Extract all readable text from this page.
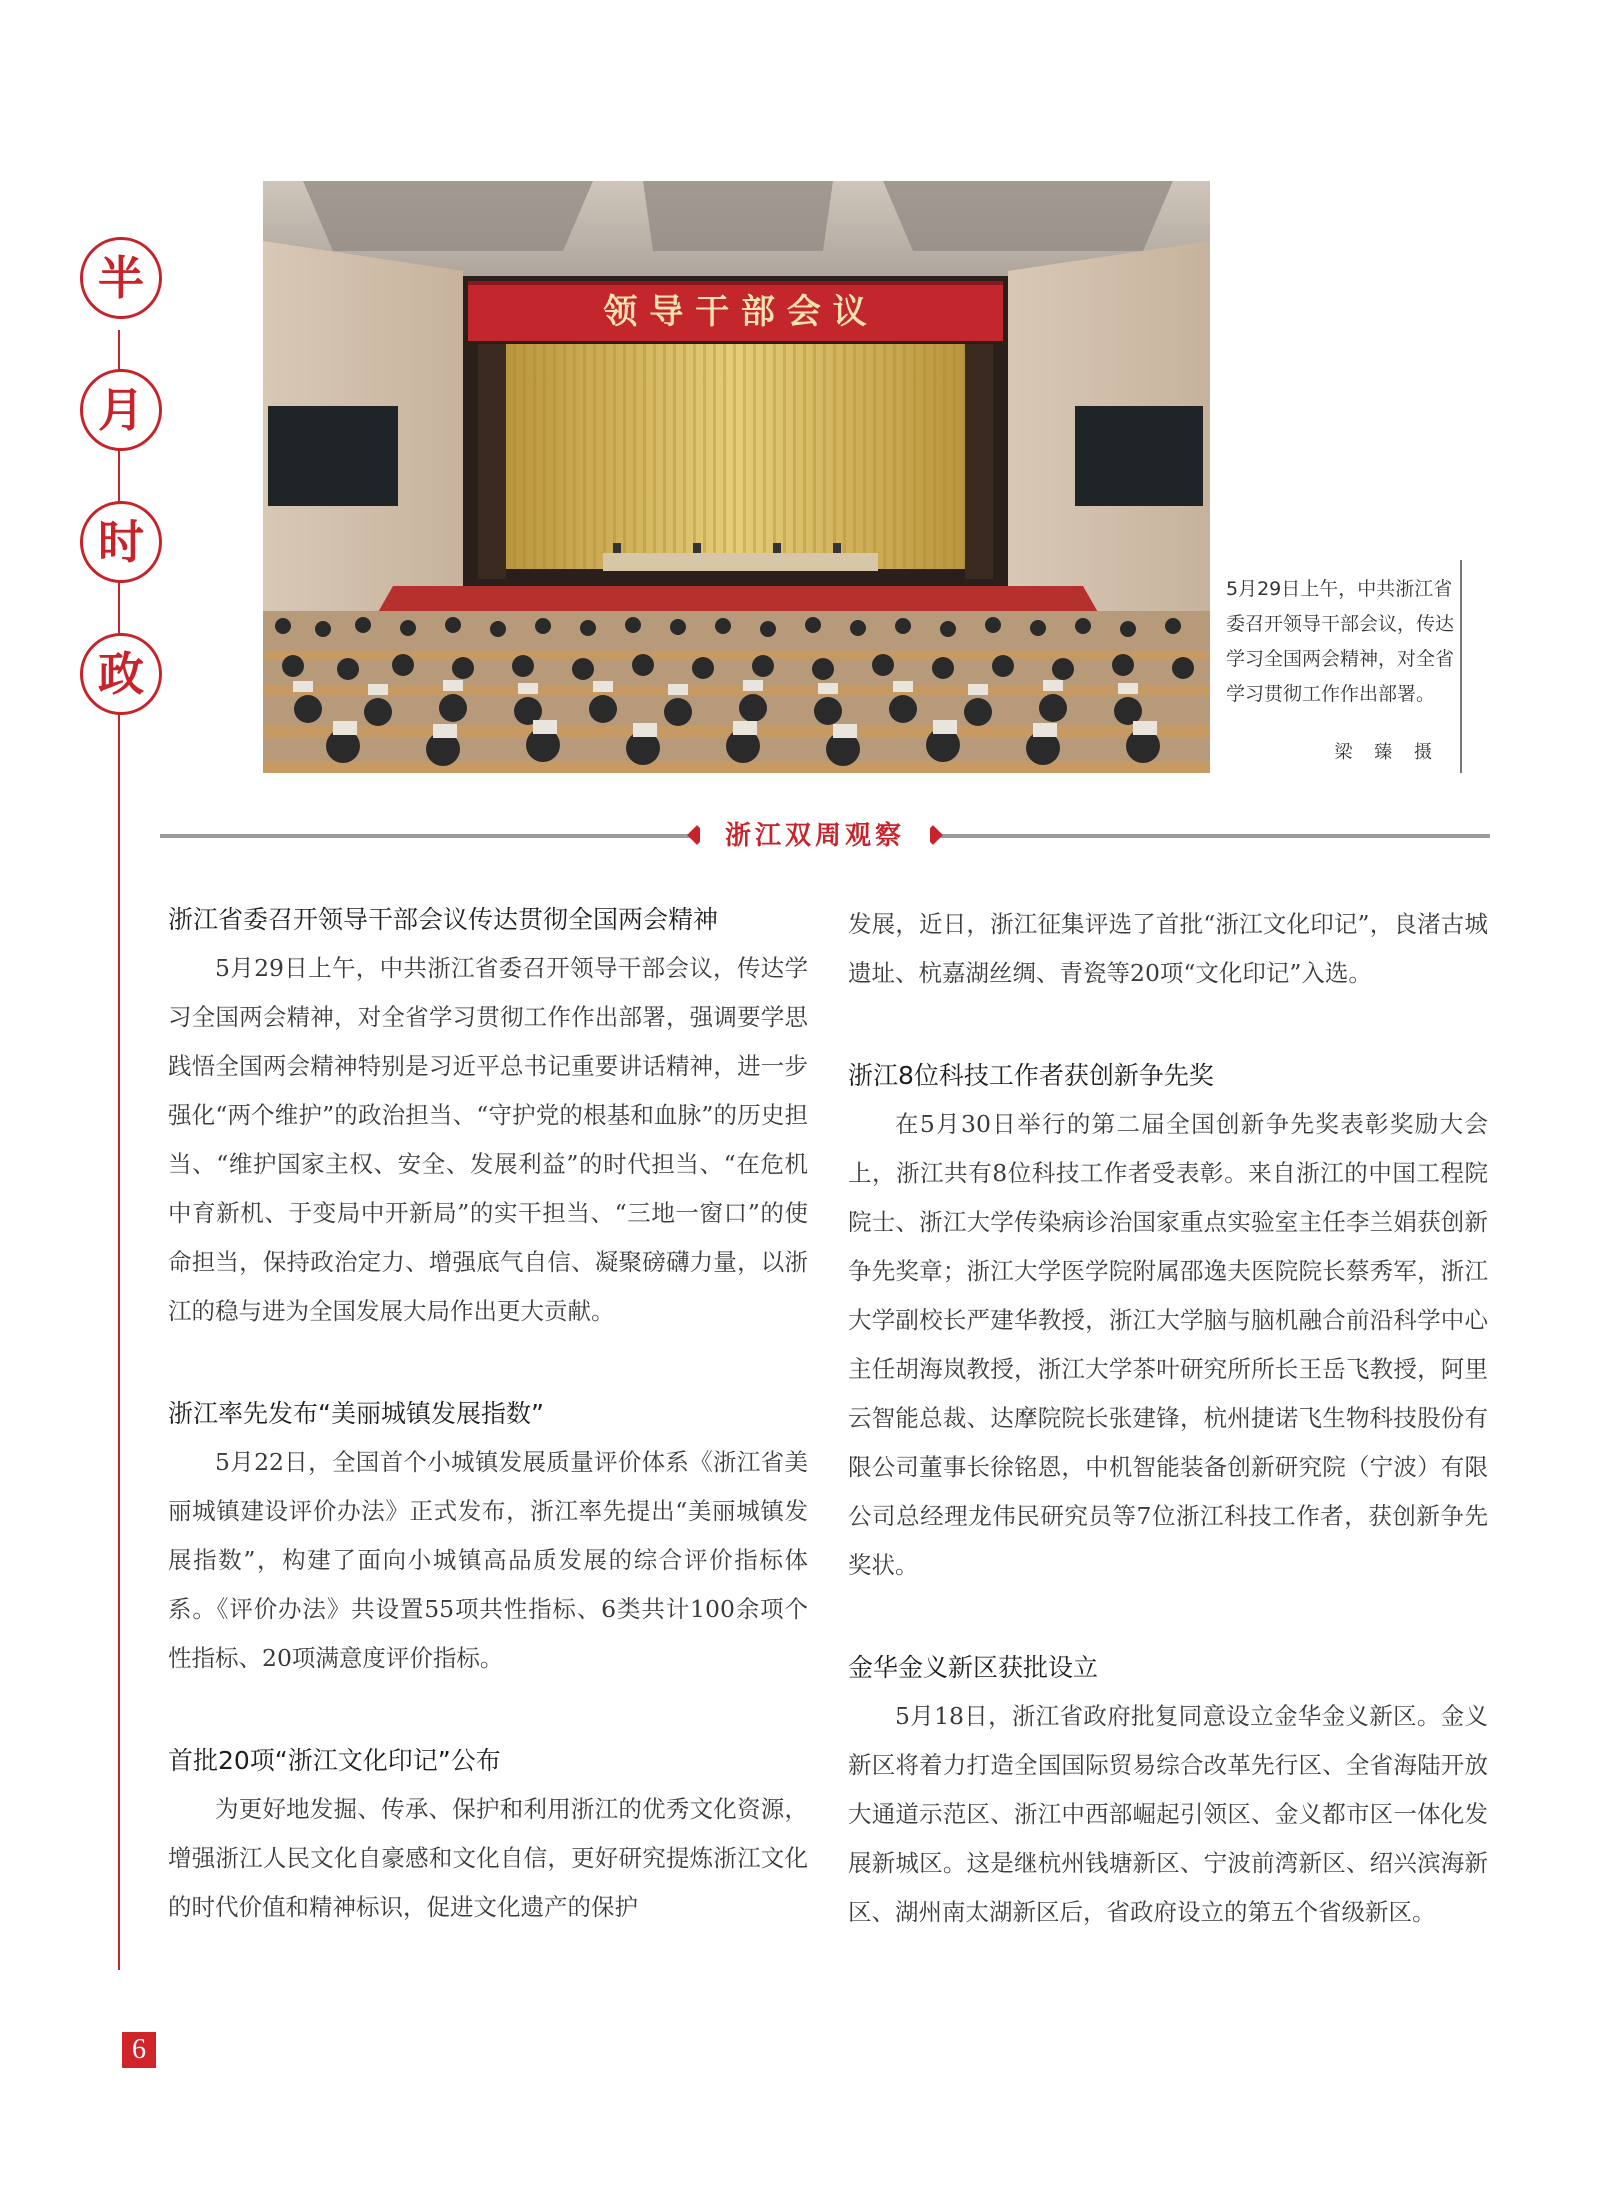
半
月
时
政
领 导 干 部 会 议
5月29日上午，中共浙江省委召开领导干部会议，传达学习全国两会精神，对全省学习贯彻工作作出部署。
梁 臻 摄
浙江双周观察
浙江省委召开领导干部会议传达贯彻全国两会精神

5月29日上午，中共浙江省委召开领导干部会议，传达学习全国两会精神，对全省学习贯彻工作作出部署，强调要学思践悟全国两会精神特别是习近平总书记重要讲话精神，进一步强化“两个维护”的政治担当、“守护党的根基和血脉”的历史担当、“维护国家主权、安全、发展利益”的时代担当、“在危机中育新机、于变局中开新局”的实干担当、“三地一窗口”的使命担当，保持政治定力、增强底气自信、凝聚磅礴力量，以浙江的稳与进为全国发展大局作出更大贡献。

浙江率先发布“美丽城镇发展指数”

5月22日，全国首个小城镇发展质量评价体系《浙江省美丽城镇建设评价办法》正式发布，浙江率先提出“美丽城镇发展指数”，构建了面向小城镇高品质发展的综合评价指标体系。《评价办法》共设置55项共性指标、6类共计100余项个性指标、20项满意度评价指标。

首批20项“浙江文化印记”公布

为更好地发掘、传承、保护和利用浙江的优秀文化资源，增强浙江人民文化自豪感和文化自信，更好研究提炼浙江文化的时代价值和精神标识，促进文化遗产的保护

发展，近日，浙江征集评选了首批“浙江文化印记”，良渚古城遗址、杭嘉湖丝绸、青瓷等20项“文化印记”入选。

浙江8位科技工作者获创新争先奖

在5月30日举行的第二届全国创新争先奖表彰奖励大会上，浙江共有8位科技工作者受表彰。来自浙江的中国工程院院士、浙江大学传染病诊治国家重点实验室主任李兰娟获创新争先奖章；浙江大学医学院附属邵逸夫医院院长蔡秀军，浙江大学副校长严建华教授，浙江大学脑与脑机融合前沿科学中心主任胡海岚教授，浙江大学茶叶研究所所长王岳飞教授，阿里云智能总裁、达摩院院长张建锋，杭州捷诺飞生物科技股份有限公司董事长徐铭恩，中机智能装备创新研究院（宁波）有限公司总经理龙伟民研究员等7位浙江科技工作者，获创新争先奖状。

金华金义新区获批设立

5月18日，浙江省政府批复同意设立金华金义新区。金义新区将着力打造全国国际贸易综合改革先行区、全省海陆开放大通道示范区、浙江中西部崛起引领区、金义都市区一体化发展新城区。这是继杭州钱塘新区、宁波前湾新区、绍兴滨海新区、湖州南太湖新区后，省政府设立的第五个省级新区。

6
